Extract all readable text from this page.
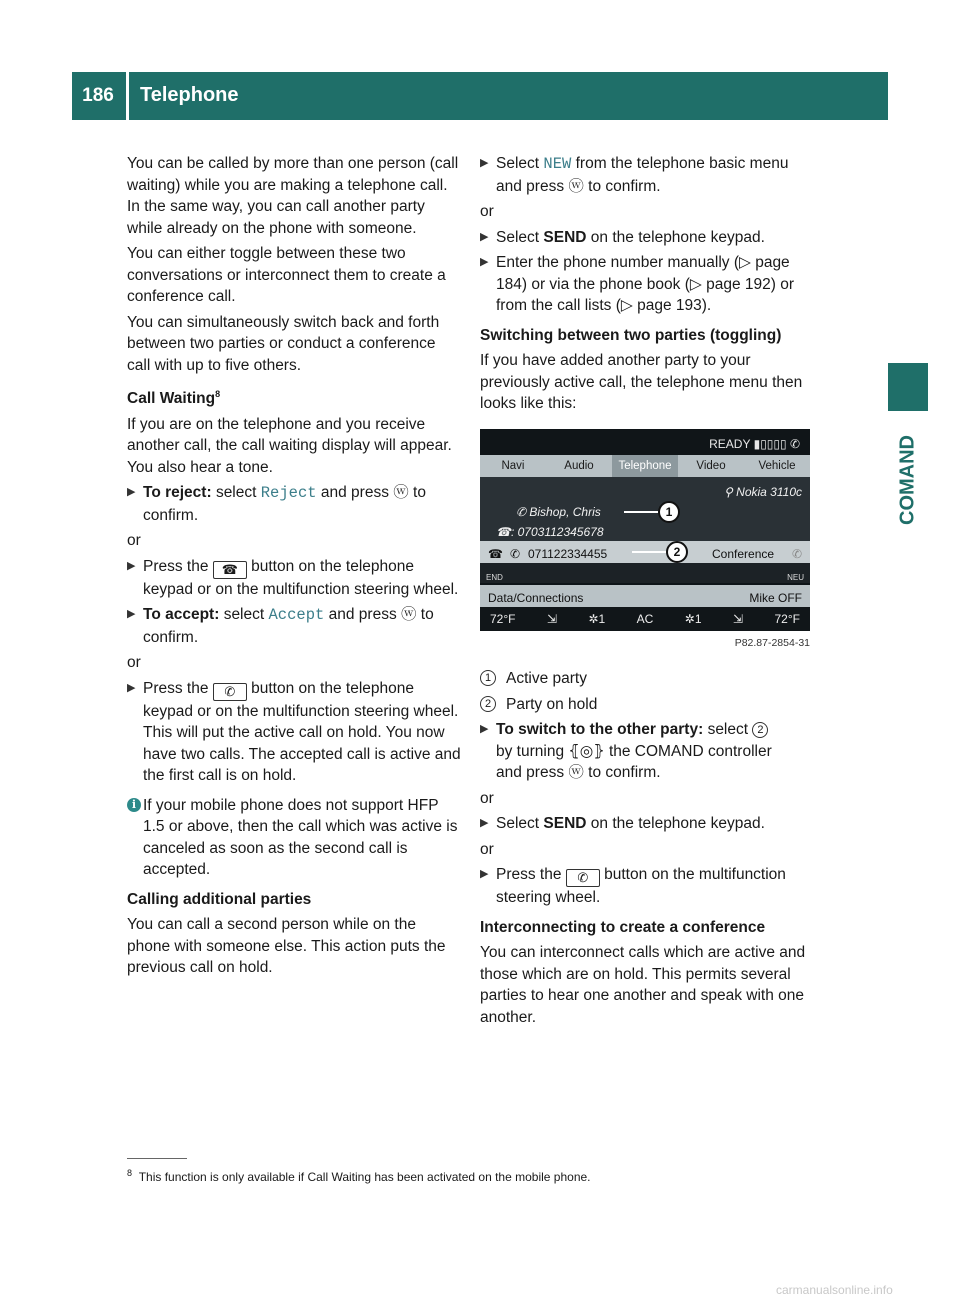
186	Telephone
COMAND

You can be called by more than one person (call waiting) while you are making a telephone call. In the same way, you can call another party while already on the phone with someone.

You can either toggle between these two conversations or interconnect them to create a conference call.

You can simultaneously switch back and forth between two parties or conduct a conference call with up to five others.

Call Waiting$^8$

If you are on the telephone and you receive another call, the call waiting display will appear. You also hear a tone.

▶ To reject: select Reject and press ⓦ to confirm.
or
▶ Press the ☎ button on the telephone keypad or on the multifunction steering wheel.
▶ To accept: select Accept and press ⓦ to confirm.
or
▶ Press the ✆ button on the telephone keypad or on the multifunction steering wheel.
This will put the active call on hold. You now have two calls. The accepted call is active and the first call is on hold.
i If your mobile phone does not support HFP 1.5 or above, then the call which was active is canceled as soon as the second call is accepted.
Calling additional parties

You can call a second person while on the phone with someone else. This action puts the previous call on hold.

▶ Select NEW from the telephone basic menu and press ⓦ to confirm.
or
▶ Select SEND on the telephone keypad.
▶ Enter the phone number manually (▷ page 184) or via the phone book (▷ page 192) or from the call lists (▷ page 193).
Switching between two parties (toggling)

If you have added another party to your previously active call, the telephone menu then looks like this:

READY ▮▯▯▯▯ ✆
Navi	Audio	Telephone	Video	Vehicle
⚲ Nokia 3110c
✆ Bishop, Chris
☎: 0703112345678
☎ ✆ 071122334455	Conference ✆
END	NEU
Data/Connections	Mike OFF
72°F	⇲	✲1	AC	✲1	⇲	72°F
1
2
P82.87-2854-31
1 Active party
2 Party on hold
▶ To switch to the other party: select 2
by turning ⦃◎⦄ the COMAND controller
and press ⓦ to confirm.
or
▶ Select SEND on the telephone keypad.
or
▶ Press the ✆ button on the multifunction steering wheel.
Interconnecting to create a conference

You can interconnect calls which are active and those which are on hold. This permits several parties to hear one another and speak with one another.

$^8$ This function is only available if Call Waiting has been activated on the mobile phone.
carmanualsonline.info
